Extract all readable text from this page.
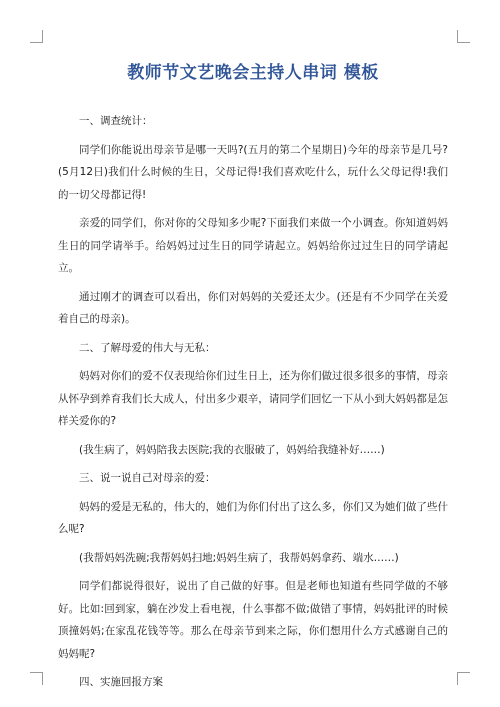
教师节文艺晚会主持人串词 模板

一、调查统计：

同学们你能说出母亲节是哪一天吗?(五月的第二个星期日)今年的母亲节是几号?(5月12日)我们什么时候的生日，父母记得!我们喜欢吃什么，玩什么父母记得!我们的一切父母都记得!

亲爱的同学们，你对你的父母知多少呢?下面我们来做一个小调查。你知道妈妈生日的同学请举手。给妈妈过过生日的同学请起立。妈妈给你过过生日的同学请起立。

通过刚才的调查可以看出，你们对妈妈的关爱还太少。(还是有不少同学在关爱着自己的母亲)。

二、了解母爱的伟大与无私：

妈妈对你们的爱不仅表现给你们过生日上，还为你们做过很多很多的事情，母亲从怀孕到养育我们长大成人，付出多少艰辛，请同学们回忆一下从小到大妈妈都是怎样关爱你的?

(我生病了，妈妈陪我去医院;我的衣服破了，妈妈给我缝补好……)

三、说一说自己对母亲的爱：

妈妈的爱是无私的，伟大的，她们为你们付出了这么多，你们又为她们做了些什么呢?

(我帮妈妈洗碗;我帮妈妈扫地;妈妈生病了，我帮妈妈拿药、端水……)

同学们都说得很好，说出了自己做的好事。但是老师也知道有些同学做的不够好。比如:回到家，躺在沙发上看电视，什么事都不做;做错了事情，妈妈批评的时候顶撞妈妈;在家乱花钱等等。那么在母亲节到来之际，你们想用什么方式感谢自己的妈妈呢?

四、实施回报方案
